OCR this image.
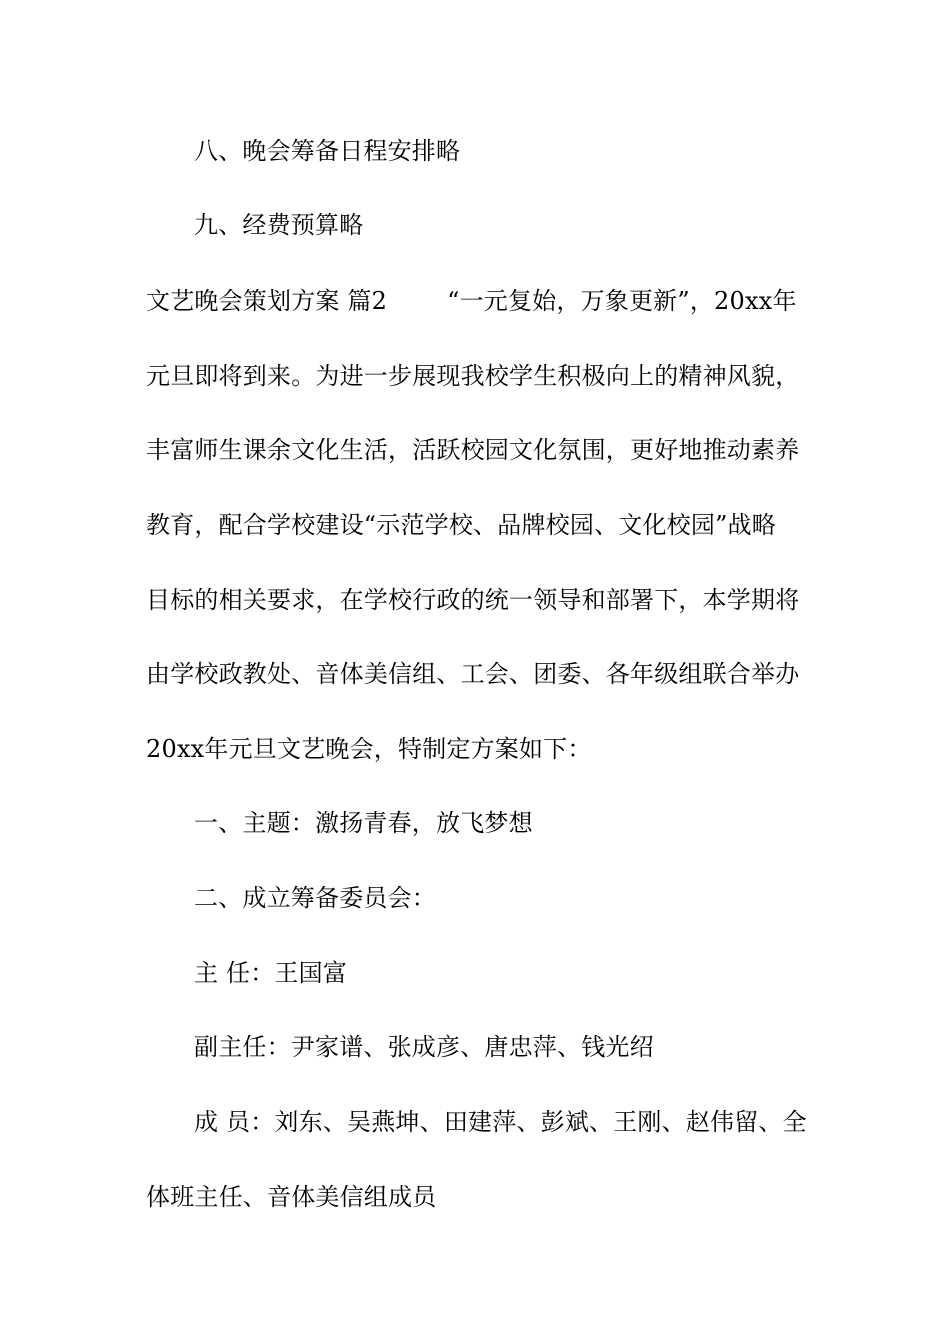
八、晚会筹备日程安排略
九、经费预算略
文艺晚会策划方案 篇2	“一元复始，万象更新”，20xx年
元旦即将到来。为进一步展现我校学生积极向上的精神风貌，
丰富师生课余文化生活，活跃校园文化氛围，更好地推动素养
教育，配合学校建设“示范学校、品牌校园、文化校园”战略
目标的相关要求，在学校行政的统一领导和部署下，本学期将
由学校政教处、音体美信组、工会、团委、各年级组联合举办
20xx年元旦文艺晚会，特制定方案如下：
一、主题：激扬青春，放飞梦想
二、成立筹备委员会：
主 任：王国富
副主任：尹家谱、张成彦、唐忠萍、钱光绍
成 员：刘东、吴燕坤、田建萍、彭斌、王刚、赵伟留、全
体班主任、音体美信组成员
